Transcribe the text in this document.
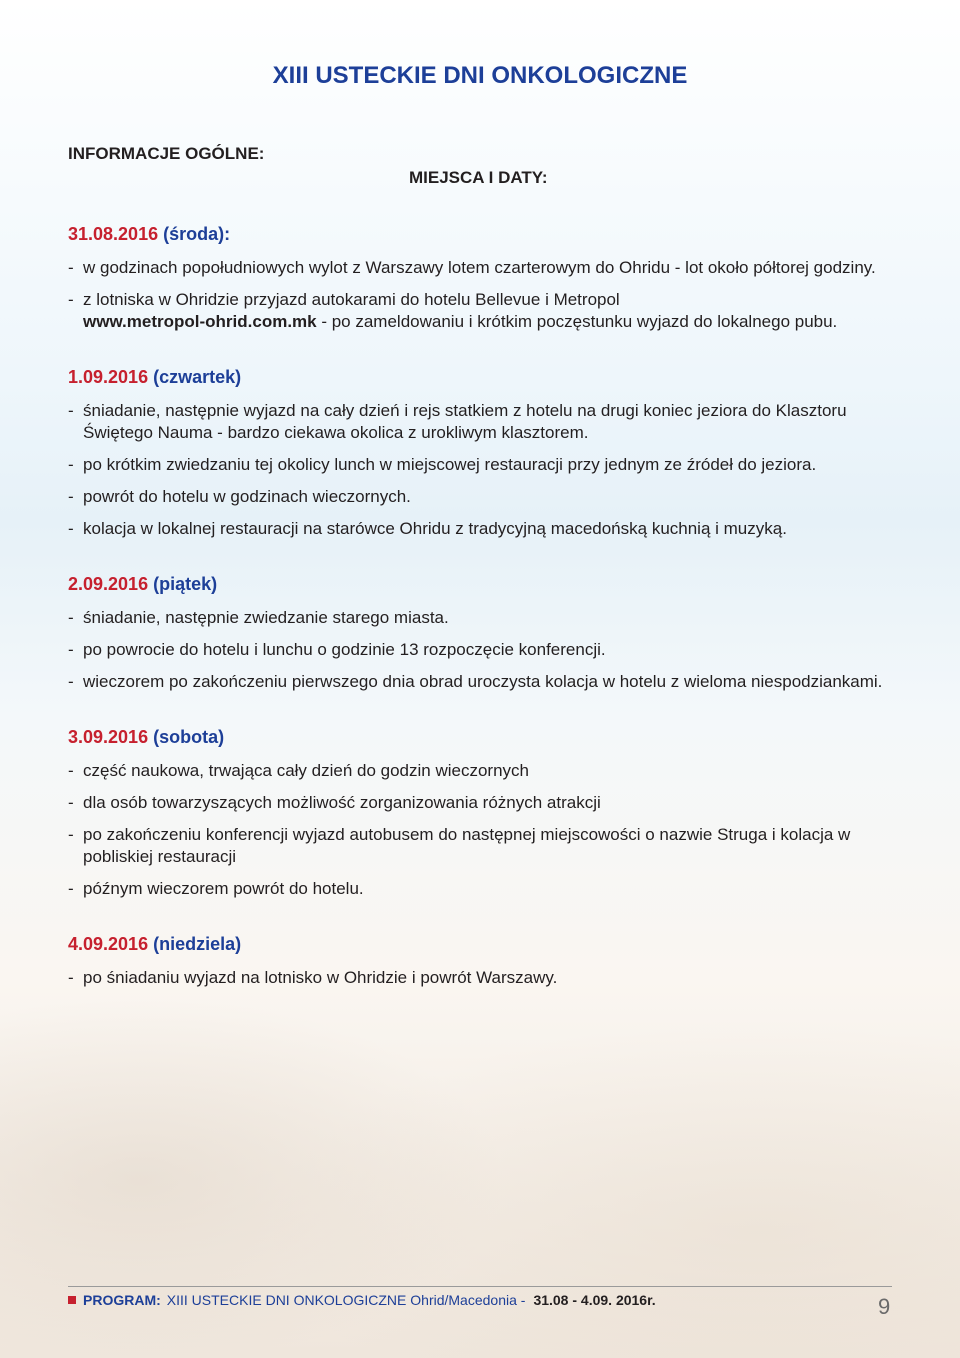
XIII USTECKIE DNI ONKOLOGICZNE
INFORMACJE OGÓLNE:
MIEJSCA I DATY:
31.08.2016 (środa):
- w godzinach popołudniowych wylot z Warszawy lotem czarterowym do Ohridu - lot około półtorej godziny.
- z lotniska w Ohridzie przyjazd autokarami do hotelu Bellevue i Metropol
www.metropol-ohrid.com.mk - po zameldowaniu i krótkim poczęstunku wyjazd do lokalnego pubu.
1.09.2016 (czwartek)
- śniadanie, następnie wyjazd na cały dzień i rejs statkiem z hotelu na drugi koniec jeziora do Klasztoru Świętego Nauma - bardzo ciekawa okolica z urokliwym klasztorem.
- po krótkim zwiedzaniu tej okolicy lunch w miejscowej restauracji przy jednym ze źródeł do jeziora.
- powrót do hotelu w godzinach wieczornych.
- kolacja w lokalnej restauracji na starówce Ohridu z tradycyjną macedońską kuchnią i muzyką.
2.09.2016 (piątek)
- śniadanie, następnie zwiedzanie starego miasta.
- po powrocie do hotelu i lunchu o godzinie 13 rozpoczęcie konferencji.
- wieczorem po zakończeniu pierwszego dnia obrad uroczysta kolacja w hotelu z wieloma niespodziankami.
3.09.2016 (sobota)
- część naukowa, trwająca cały dzień do godzin wieczornych
- dla osób towarzyszących możliwość zorganizowania różnych atrakcji
- po zakończeniu konferencji wyjazd autobusem do następnej miejscowości o nazwie Struga i kolacja w pobliskiej restauracji
- późnym wieczorem powrót do hotelu.
4.09.2016 (niedziela)
- po śniadaniu wyjazd na lotnisko w Ohridzie i powrót Warszawy.
PROGRAM: XIII USTECKIE DNI ONKOLOGICZNE Ohrid/Macedonia - 31.08 - 4.09. 2016r.	9
